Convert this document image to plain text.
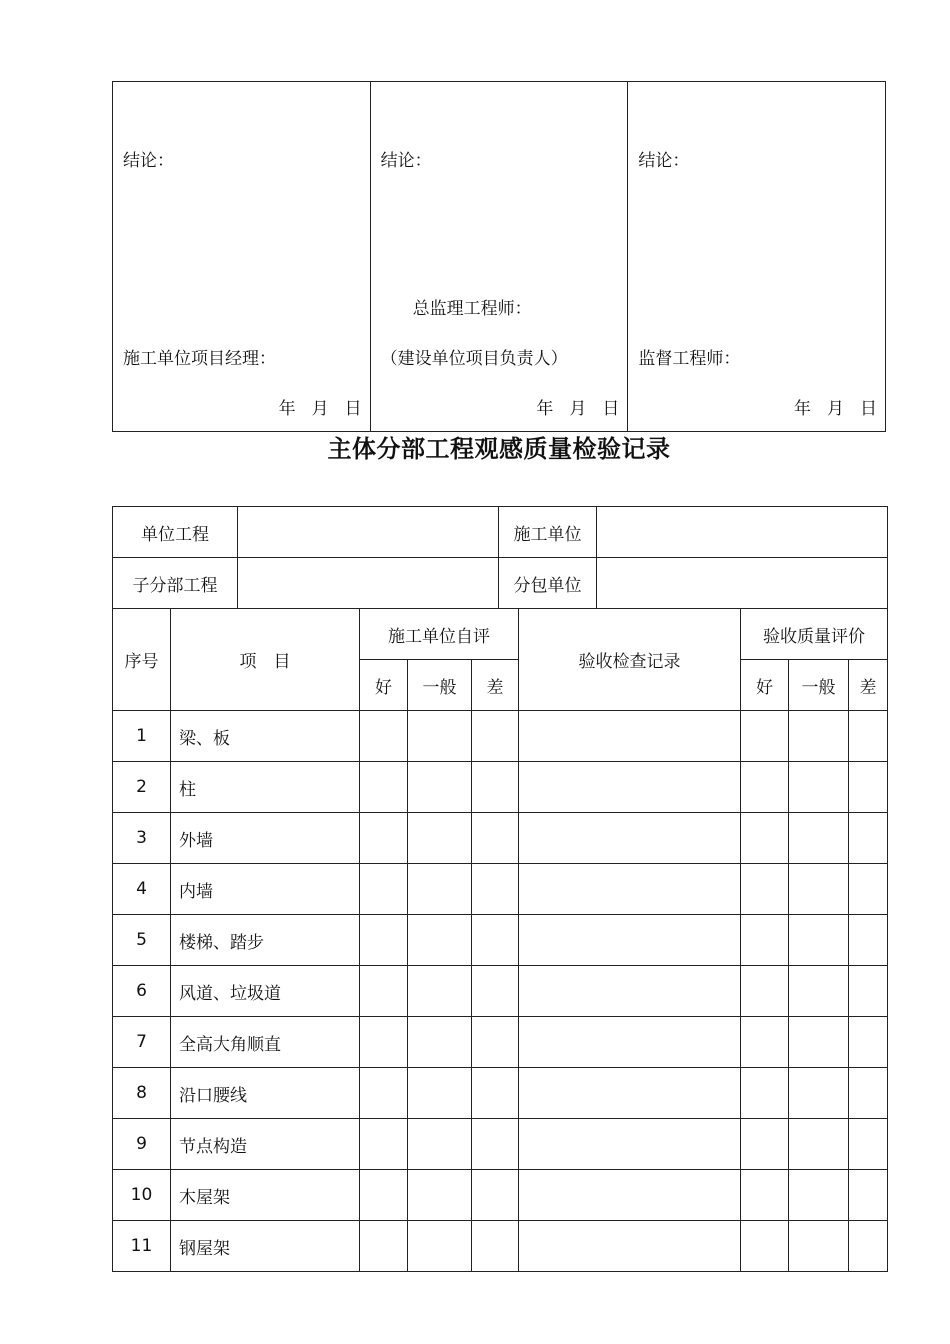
结论：
施工单位项目经理：
年 月 日
结论：
总监理工程师：
（建设单位项目负责人）
年 月 日
结论：
监督工程师：
年 月 日
主体分部工程观感质量检验记录
单位工程						施工单位					
子分部工程						分包单位					
序号	项　目		施工单位自评				验收检查记录		验收质量评价		
			好	一般	差				好	一般	差
1	梁、板										
2	柱										
3	外墙										
4	内墙										
5	楼梯、踏步										
6	风道、垃圾道										
7	全高大角顺直										
8	沿口腰线										
9	节点构造										
10	木屋架										
11	钢屋架										
